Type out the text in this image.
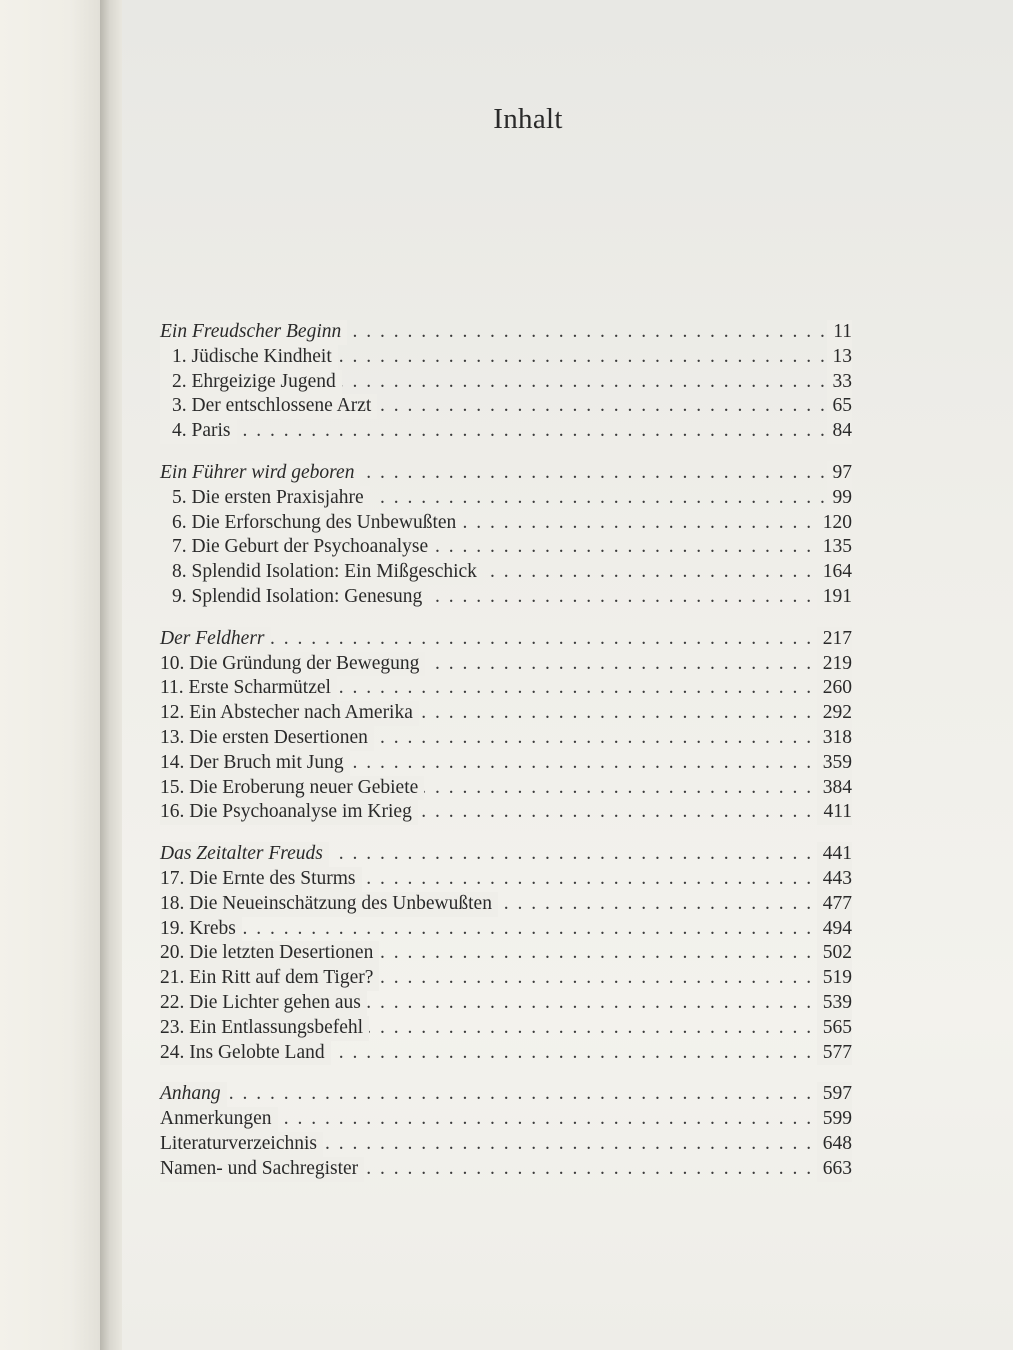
Inhalt
. . .
Ein Freudscher Beginn	11
. . .
1. Jüdische Kindheit	13
. . .
2. Ehrgeizige Jugend	33
. . .
3. Der entschlossene Arzt	65
. . .
4. Paris	84
. . .
Ein Führer wird geboren	97
. . .
5. Die ersten Praxisjahre	99
. . .
6. Die Erforschung des Unbewußten	120
. . .
7. Die Geburt der Psychoanalyse	135
. . .
8. Splendid Isolation: Ein Mißgeschick	164
. . .
9. Splendid Isolation: Genesung	191
. . .
Der Feldherr	217
. . .
10. Die Gründung der Bewegung	219
. . .
11. Erste Scharmützel	260
. . .
12. Ein Abstecher nach Amerika	292
. . .
13. Die ersten Desertionen	318
. . .
14. Der Bruch mit Jung	359
. . .
15. Die Eroberung neuer Gebiete	384
. . .
16. Die Psychoanalyse im Krieg	411
. . .
Das Zeitalter Freuds	441
. . .
17. Die Ernte des Sturms	443
. . .
18. Die Neueinschätzung des Unbewußten	477
. . .
19. Krebs	494
. . .
20. Die letzten Desertionen	502
. . .
21. Ein Ritt auf dem Tiger?	519
. . .
22. Die Lichter gehen aus	539
. . .
23. Ein Entlassungsbefehl	565
. . .
24. Ins Gelobte Land	577
. . .
Anhang	597
. . .
Anmerkungen	599
. . .
Literaturverzeichnis	648
. . .
Namen- und Sachregister	663
